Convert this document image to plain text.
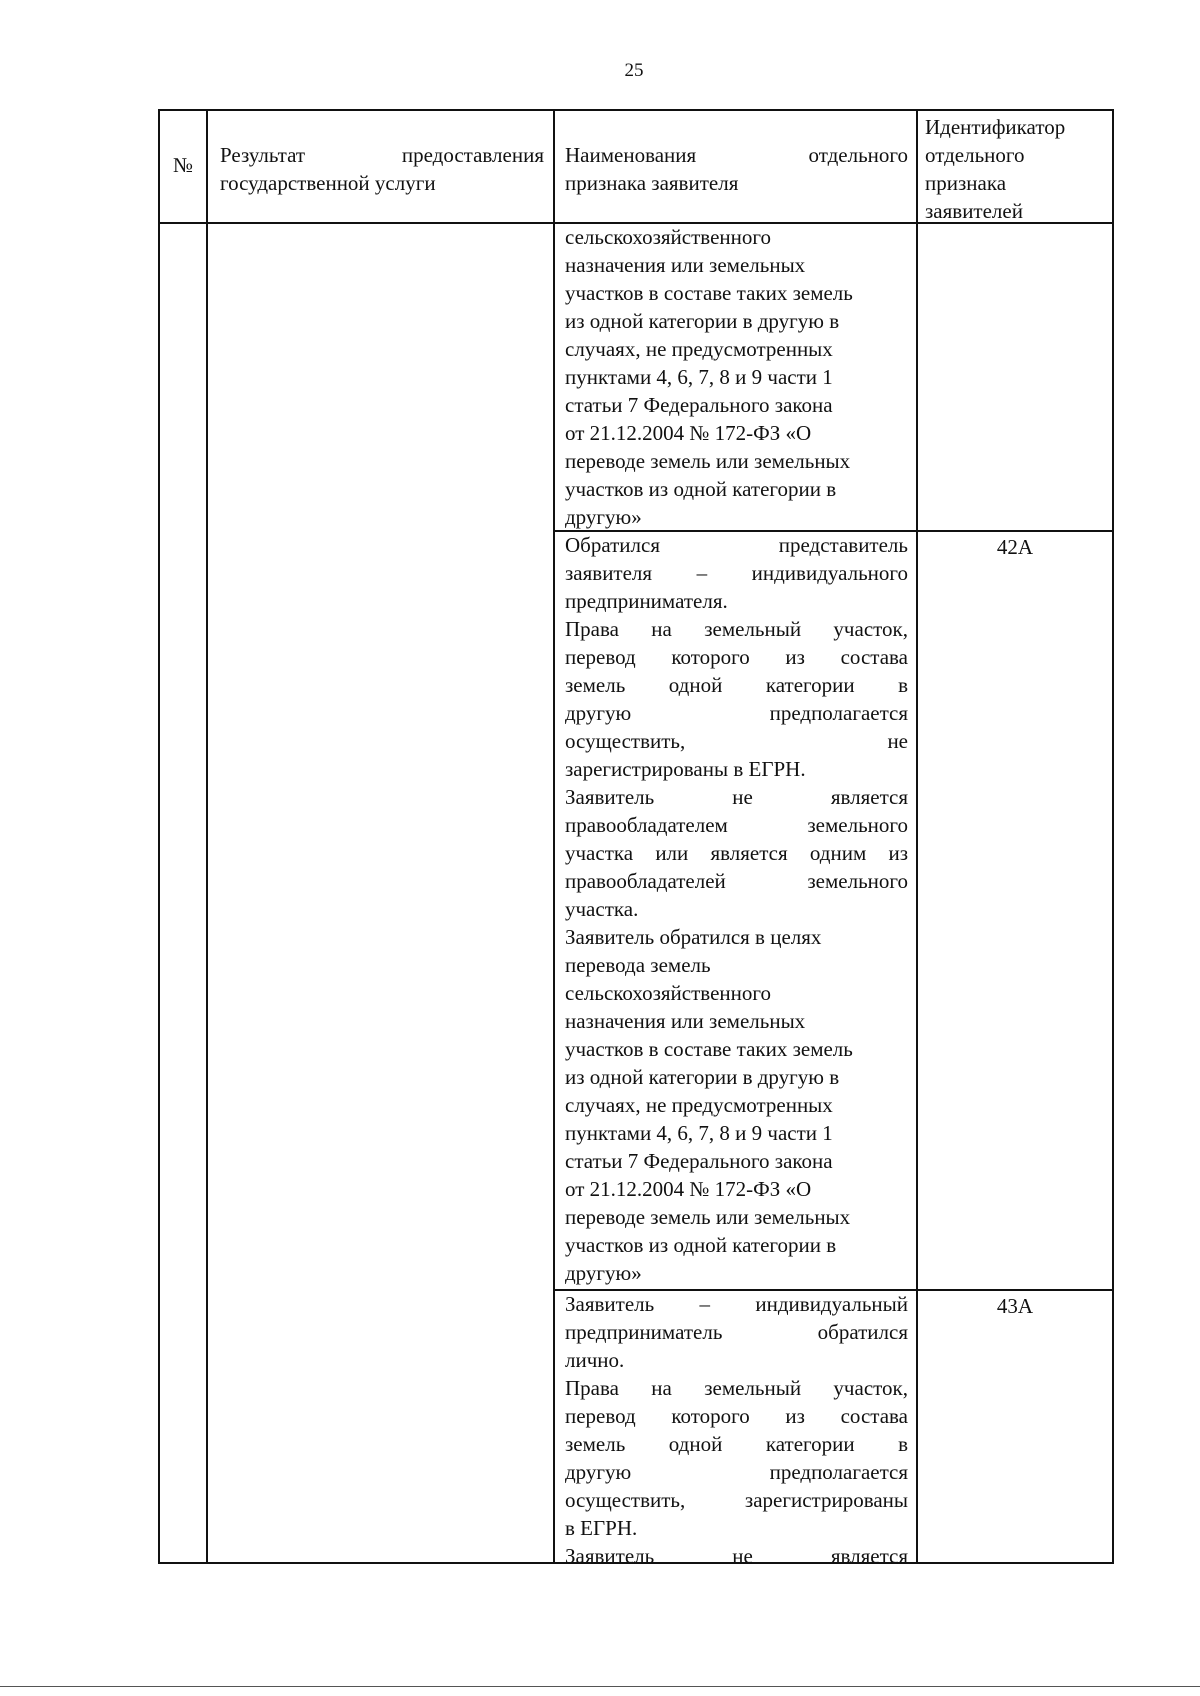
25
№	Результат предоставления

государственной услуги

Наименования отдельного

признака заявителя

Идентификатор

отдельного

признака

заявителей

сельскохозяйственного

назначения или земельных

участков в составе таких земель

из одной категории в другую в

случаях, не предусмотренных

пунктами 4, 6, 7, 8 и 9 части 1

статьи 7 Федерального закона

от 21.12.2004 № 172-ФЗ «О

переводе земель или земельных

участков из одной категории в

другую»

Обратился представитель

заявителя – индивидуального

предпринимателя.

Права на земельный участок,

перевод которого из состава

земель одной категории в

другую предполагается

осуществить, не

зарегистрированы в ЕГРН.

Заявитель не является

правообладателем земельного

участка или является одним из

правообладателей земельного

участка.

Заявитель обратился в целях

перевода земель

сельскохозяйственного

назначения или земельных

участков в составе таких земель

из одной категории в другую в

случаях, не предусмотренных

пунктами 4, 6, 7, 8 и 9 части 1

статьи 7 Федерального закона

от 21.12.2004 № 172-ФЗ «О

переводе земель или земельных

участков из одной категории в

другую»

42А

Заявитель – индивидуальный

предприниматель обратился

лично.

Права на земельный участок,

перевод которого из состава

земель одной категории в

другую предполагается

осуществить, зарегистрированы

в ЕГРН.

Заявитель не является

43А
